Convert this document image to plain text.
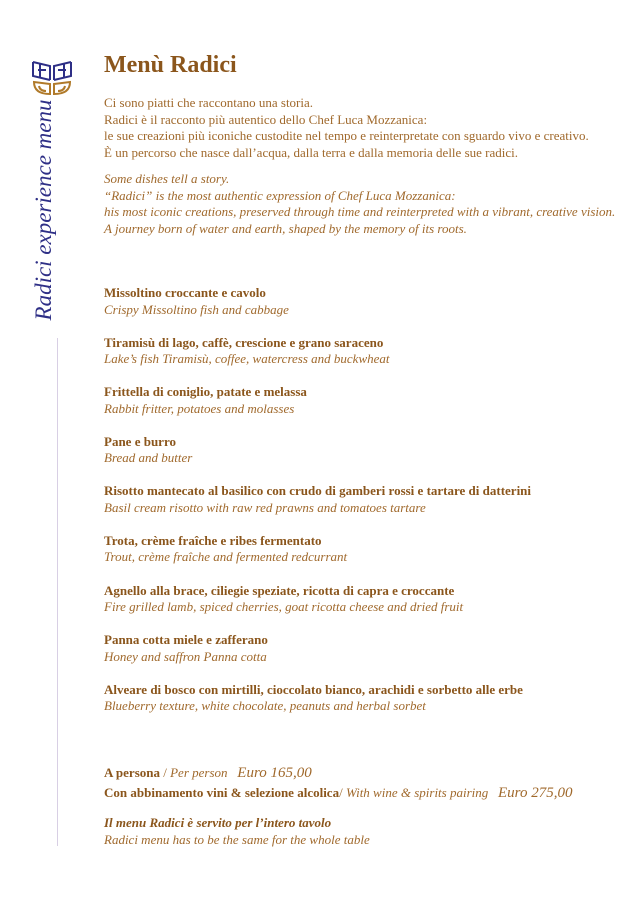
Radici experience menu
Menù Radici
Ci sono piatti che raccontano una storia.
Radici è il racconto più autentico dello Chef Luca Mozzanica:
le sue creazioni più iconiche custodite nel tempo e reinterpretate con sguardo vivo e creativo.
È un percorso che nasce dall’acqua, dalla terra e dalla memoria delle sue radici.
Some dishes tell a story.
“Radici” is the most authentic expression of Chef Luca Mozzanica:
his most iconic creations, preserved through time and reinterpreted with a vibrant, creative vision.
A journey born of water and earth, shaped by the memory of its roots.
Missoltino croccante e cavolo
Crispy Missoltino fish and cabbage
Tiramisù di lago, caffè, crescione e grano saraceno
Lake’s fish Tiramisù, coffee, watercress and buckwheat
Frittella di coniglio, patate e melassa
Rabbit fritter, potatoes and molasses
Pane e burro
Bread and butter
Risotto mantecato al basilico con crudo di gamberi rossi e tartare di datterini
Basil cream risotto with raw red prawns and tomatoes tartare
Trota, crème fraîche e ribes fermentato
Trout, crème fraîche and fermented redcurrant
Agnello alla brace, ciliegie speziate, ricotta di capra e croccante
Fire grilled lamb, spiced cherries, goat ricotta cheese and dried fruit
Panna cotta miele e zafferano
Honey and saffron Panna cotta
Alveare di bosco con mirtilli, cioccolato bianco, arachidi e sorbetto alle erbe
Blueberry texture, white chocolate, peanuts and herbal sorbet
A persona / Per person Euro 165,00
Con abbinamento vini & selezione alcolica/ With wine & spirits pairing Euro 275,00
Il menu Radici è servito per l’intero tavolo
Radici menu has to be the same for the whole table
